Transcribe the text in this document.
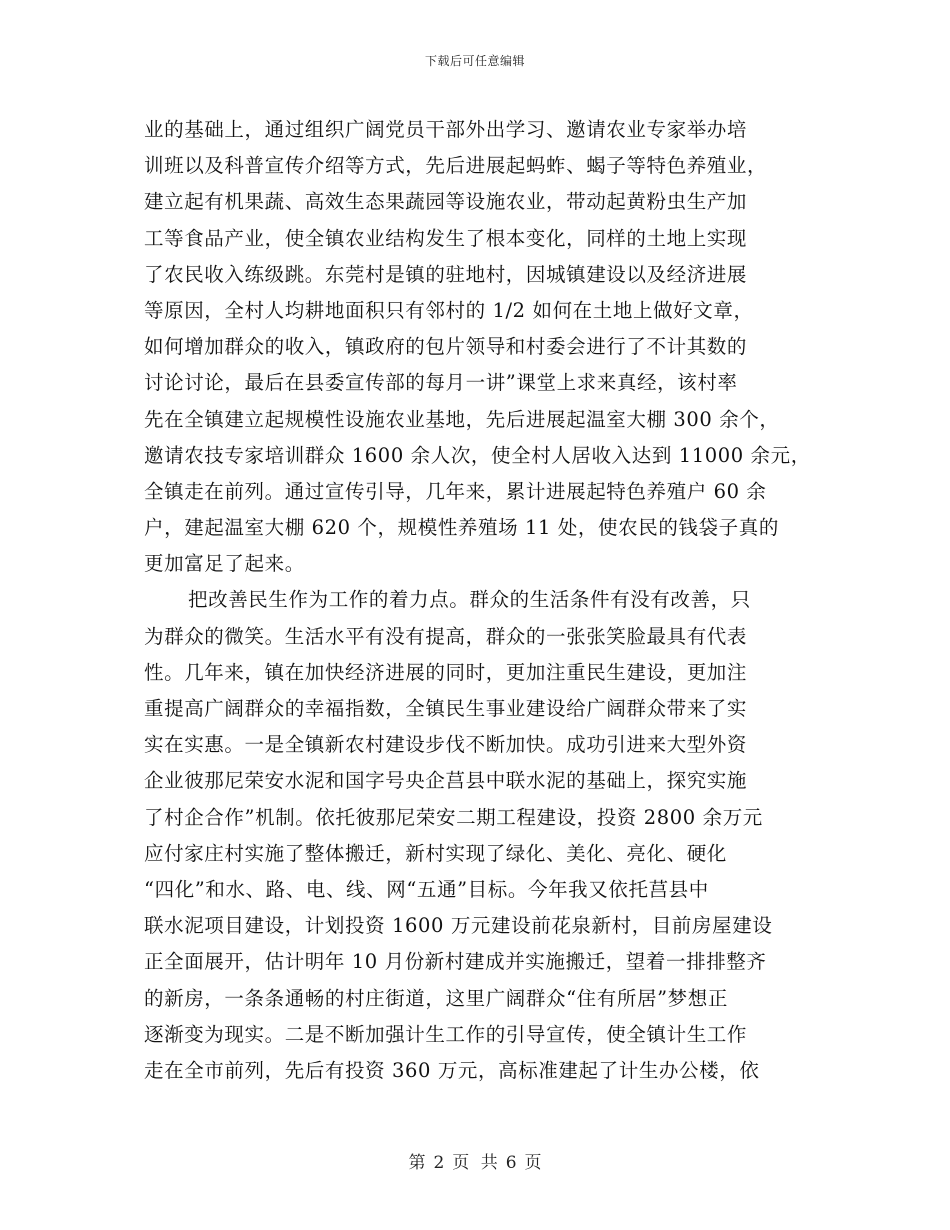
下载后可任意编辑
业的基础上，通过组织广阔党员干部外出学习、邀请农业专家举办培
训班以及科普宣传介绍等方式，先后进展起蚂蚱、蝎子等特色养殖业，
建立起有机果蔬、高效生态果蔬园等设施农业，带动起黄粉虫生产加
工等食品产业，使全镇农业结构发生了根本变化，同样的土地上实现
了农民收入练级跳。东莞村是镇的驻地村，因城镇建设以及经济进展
等原因，全村人均耕地面积只有邻村的 1/2 如何在土地上做好文章，
如何增加群众的收入，镇政府的包片领导和村委会进行了不计其数的
讨论讨论，最后在县委宣传部的每月一讲”课堂上求来真经，该村率
先在全镇建立起规模性设施农业基地，先后进展起温室大棚 300 余个，
邀请农技专家培训群众 1600 余人次，使全村人居收入达到 11000 余元，
全镇走在前列。通过宣传引导，几年来，累计进展起特色养殖户 60 余
户，建起温室大棚 620 个，规模性养殖场 11 处，使农民的钱袋子真的
更加富足了起来。
把改善民生作为工作的着力点。群众的生活条件有没有改善，只
为群众的微笑。生活水平有没有提高，群众的一张张笑脸最具有代表
性。几年来，镇在加快经济进展的同时，更加注重民生建设，更加注
重提高广阔群众的幸福指数，全镇民生事业建设给广阔群众带来了实
实在实惠。一是全镇新农村建设步伐不断加快。成功引进来大型外资
企业彼那尼荣安水泥和国字号央企莒县中联水泥的基础上，探究实施
了村企合作”机制。依托彼那尼荣安二期工程建设，投资 2800 余万元
应付家庄村实施了整体搬迁，新村实现了绿化、美化、亮化、硬化
“四化”和水、路、电、线、网“五通”目标。今年我又依托莒县中
联水泥项目建设，计划投资 1600 万元建设前花泉新村，目前房屋建设
正全面展开，估计明年 10 月份新村建成并实施搬迁，望着一排排整齐
的新房，一条条通畅的村庄街道，这里广阔群众“住有所居”梦想正
逐渐变为现实。二是不断加强计生工作的引导宣传，使全镇计生工作
走在全市前列，先后有投资 360 万元，高标准建起了计生办公楼，依
第 2 页 共 6 页
